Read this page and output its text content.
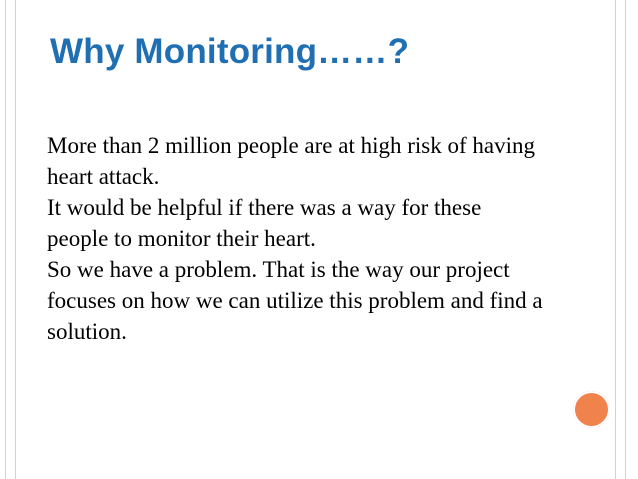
Why Monitoring……?

More than 2 million people are at high risk of having heart attack.

It would be helpful if there was a way for these people to monitor their heart.

So we have a problem. That is the way our project focuses on how we can utilize this problem and find a solution.
